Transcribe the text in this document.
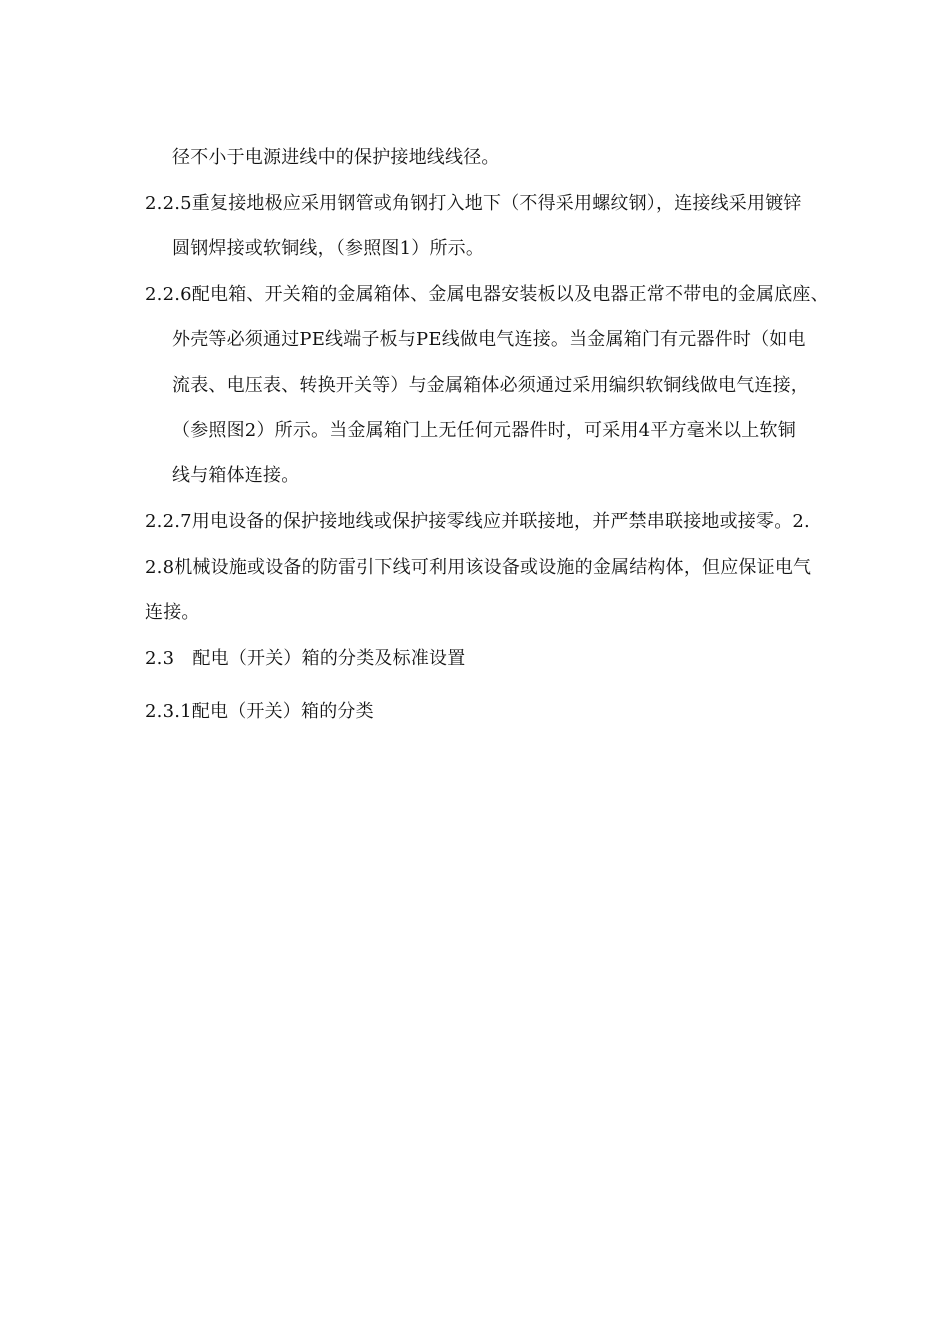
径不小于电源进线中的保护接地线线径。
2.2.5重复接地极应采用钢管或角钢打入地下（不得采用螺纹钢），连接线采用镀锌
圆钢焊接或软铜线，（参照图1）所示。
2.2.6配电箱、开关箱的金属箱体、金属电器安装板以及电器正常不带电的金属底座、
外壳等必须通过PE线端子板与PE线做电气连接。当金属箱门有元器件时（如电
流表、电压表、转换开关等）与金属箱体必须通过采用编织软铜线做电气连接，
（参照图2）所示。当金属箱门上无任何元器件时，可采用4平方毫米以上软铜
线与箱体连接。
2.2.7用电设备的保护接地线或保护接零线应并联接地，并严禁串联接地或接零。2.
2.8机械设施或设备的防雷引下线可利用该设备或设施的金属结构体，但应保证电气
连接。
2.3　配电（开关）箱的分类及标准设置
2.3.1配电（开关）箱的分类
